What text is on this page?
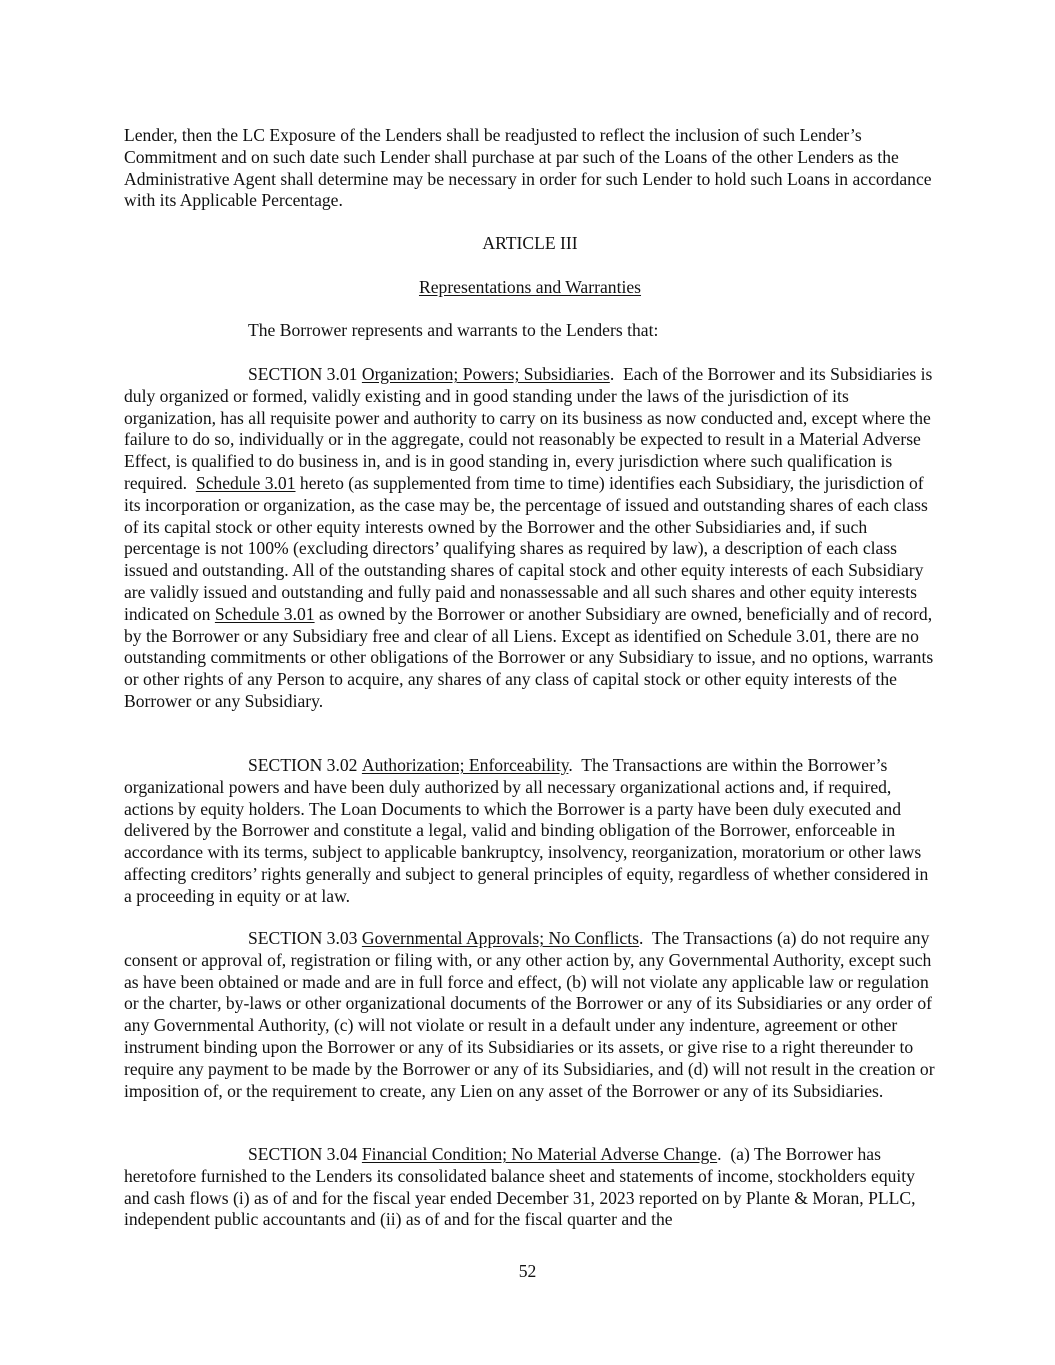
Lender, then the LC Exposure of the Lenders shall be readjusted to reflect the inclusion of such Lender’s Commitment and on such date such Lender shall purchase at par such of the Loans of the other Lenders as the Administrative Agent shall determine may be necessary in order for such Lender to hold such Loans in accordance with its Applicable Percentage.

ARTICLE III

Representations and Warranties

The Borrower represents and warrants to the Lenders that:

SECTION 3.01 Organization; Powers; Subsidiaries.  Each of the Borrower and its Subsidiaries is duly organized or formed, validly existing and in good standing under the laws of the jurisdiction of its organization, has all requisite power and authority to carry on its business as now conducted and, except where the failure to do so, individually or in the aggregate, could not reasonably be expected to result in a Material Adverse Effect, is qualified to do business in, and is in good standing in, every jurisdiction where such qualification is required. Schedule 3.01 hereto (as supplemented from time to time) identifies each Subsidiary, the jurisdiction of its incorporation or organization, as the case may be, the percentage of issued and outstanding shares of each class of its capital stock or other equity interests owned by the Borrower and the other Subsidiaries and, if such percentage is not 100% (excluding directors’ qualifying shares as required by law), a description of each class issued and outstanding. All of the outstanding shares of capital stock and other equity interests of each Subsidiary are validly issued and outstanding and fully paid and nonassessable and all such shares and other equity interests indicated on Schedule 3.01 as owned by the Borrower or another Subsidiary are owned, beneficially and of record, by the Borrower or any Subsidiary free and clear of all Liens. Except as identified on Schedule 3.01, there are no outstanding commitments or other obligations of the Borrower or any Subsidiary to issue, and no options, warrants or other rights of any Person to acquire, any shares of any class of capital stock or other equity interests of the Borrower or any Subsidiary.

SECTION 3.02 Authorization; Enforceability.  The Transactions are within the Borrower’s organizational powers and have been duly authorized by all necessary organizational actions and, if required, actions by equity holders. The Loan Documents to which the Borrower is a party have been duly executed and delivered by the Borrower and constitute a legal, valid and binding obligation of the Borrower, enforceable in accordance with its terms, subject to applicable bankruptcy, insolvency, reorganization, moratorium or other laws affecting creditors’ rights generally and subject to general principles of equity, regardless of whether considered in a proceeding in equity or at law.

SECTION 3.03 Governmental Approvals; No Conflicts.  The Transactions (a) do not require any consent or approval of, registration or filing with, or any other action by, any Governmental Authority, except such as have been obtained or made and are in full force and effect, (b) will not violate any applicable law or regulation or the charter, by-laws or other organizational documents of the Borrower or any of its Subsidiaries or any order of any Governmental Authority, (c) will not violate or result in a default under any indenture, agreement or other instrument binding upon the Borrower or any of its Subsidiaries or its assets, or give rise to a right thereunder to require any payment to be made by the Borrower or any of its Subsidiaries, and (d) will not result in the creation or imposition of, or the requirement to create, any Lien on any asset of the Borrower or any of its Subsidiaries.

SECTION 3.04 Financial Condition; No Material Adverse Change.  (a) The Borrower has heretofore furnished to the Lenders its consolidated balance sheet and statements of income, stockholders equity and cash flows (i) as of and for the fiscal year ended December 31, 2023 reported on by Plante & Moran, PLLC, independent public accountants and (ii) as of and for the fiscal quarter and the

52
